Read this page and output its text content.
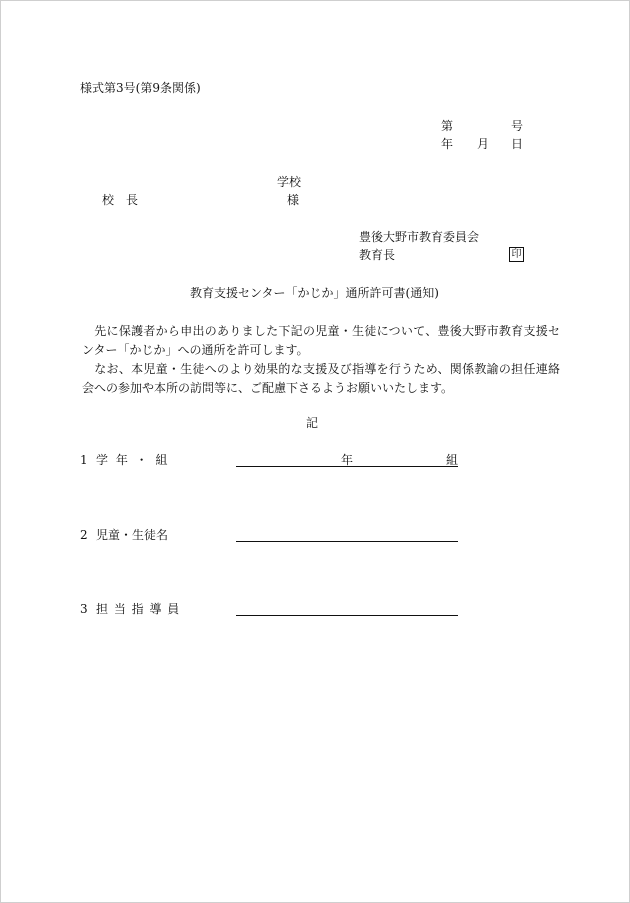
様式第3号(第9条関係)
第	号
年 月 日
学校
校　長	様
豊後大野市教育委員会
教育長	印
教育支援センター「かじか」通所許可書(通知)
　先に保護者から申出のありました下記の児童・生徒について、豊後大野市教育支援センター「かじか」への通所を許可します。
　なお、本児童・生徒へのより効果的な支援及び指導を行うため、関係教諭の担任連絡会への参加や本所の訪問等に、ご配慮下さるようお願いいたします。
記
1 学 年 ・ 組	年	組
2 児童・生徒名
3 担 当 指 導 員
